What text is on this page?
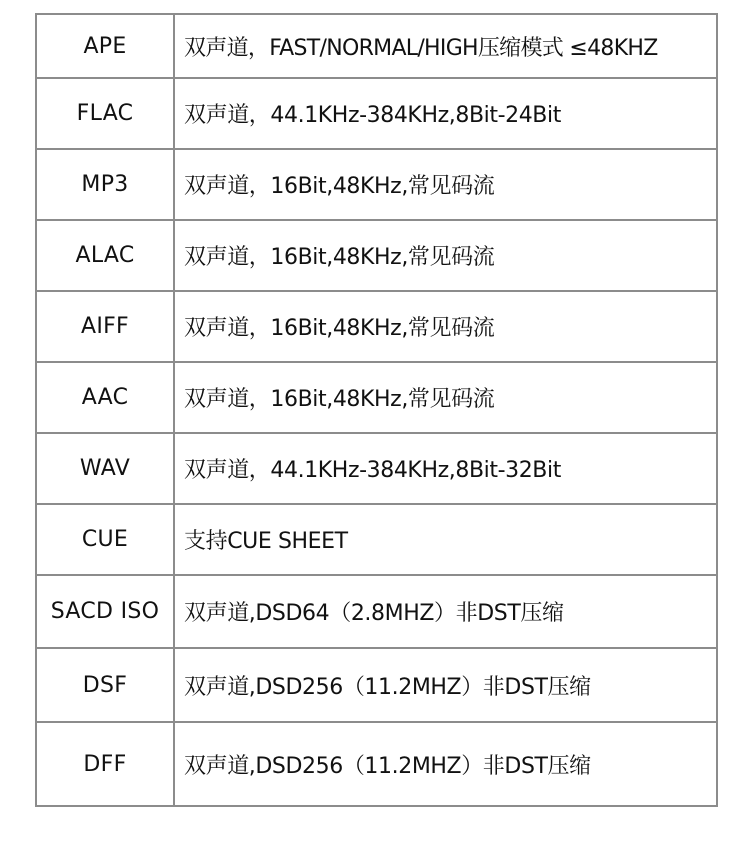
APE	双声道，FAST/NORMAL/HIGH压缩模式 ≤48KHZ
FLAC	双声道，44.1KHz-384KHz,8Bit-24Bit
MP3	双声道，16Bit,48KHz,常见码流
ALAC	双声道，16Bit,48KHz,常见码流
AIFF	双声道，16Bit,48KHz,常见码流
AAC	双声道，16Bit,48KHz,常见码流
WAV	双声道，44.1KHz-384KHz,8Bit-32Bit
CUE	支持CUE SHEET
SACD ISO	双声道,DSD64（2.8MHZ）非DST压缩
DSF	双声道,DSD256（11.2MHZ）非DST压缩
DFF	双声道,DSD256（11.2MHZ）非DST压缩
